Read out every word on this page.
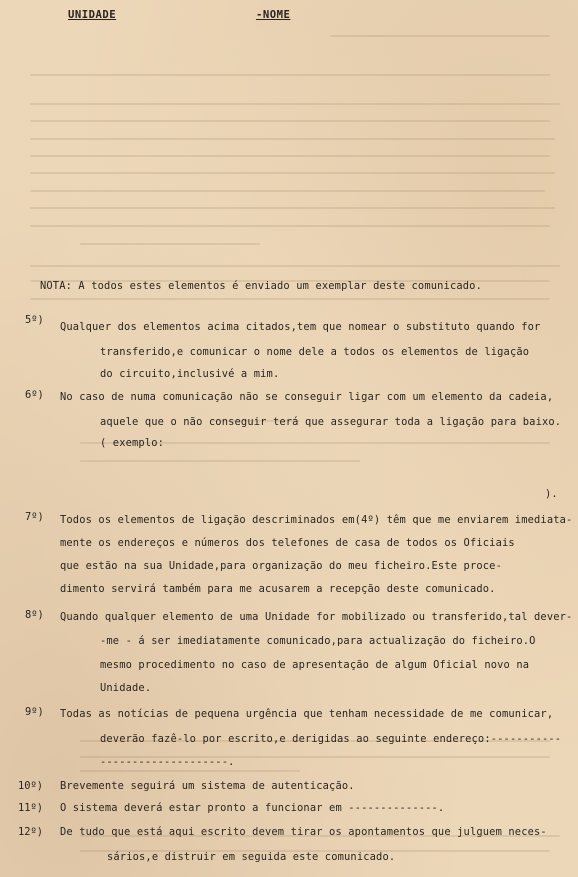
UNIDADE	-NOME
NOTA: A todos estes elementos é enviado um exemplar deste comunicado.
5º)
Qualquer dos elementos acima citados,tem que nomear o substituto quando for
transferido,e comunicar o nome dele a todos os elementos de ligação
do circuito,inclusivé a mim.
6º) No caso de numa comunicação não se conseguir ligar com um elemento da cadeia,
aquele que o não conseguir terá que assegurar toda a ligação para baixo.
( exemplo:
).
7º) Todos os elementos de ligação descriminados em(4º) têm que me enviarem imediata-
mente os endereços e números dos telefones de casa de todos os Oficiais
que estão na sua Unidade,para organização do meu ficheiro.Este proce-
dimento servirá também para me acusarem a recepção deste comunicado.
8º) Quando qualquer elemento de uma Unidade for mobilizado ou transferido,tal dever-
-me - á ser imediatamente comunicado,para actualização do ficheiro.O
mesmo procedimento no caso de apresentação de algum Oficial novo na
Unidade.
9º) Todas as notícias de pequena urgência que tenham necessidade de me comunicar,
deverão fazê-lo por escrito,e derigidas ao seguinte endereço:-----------
--------------------.
10º) Brevemente seguirá um sistema de autenticação.
11º) O sistema deverá estar pronto a funcionar em --------------.
12º) De tudo que está aqui escrito devem tirar os apontamentos que julguem neces-
sários,e distruir em seguida este comunicado.
